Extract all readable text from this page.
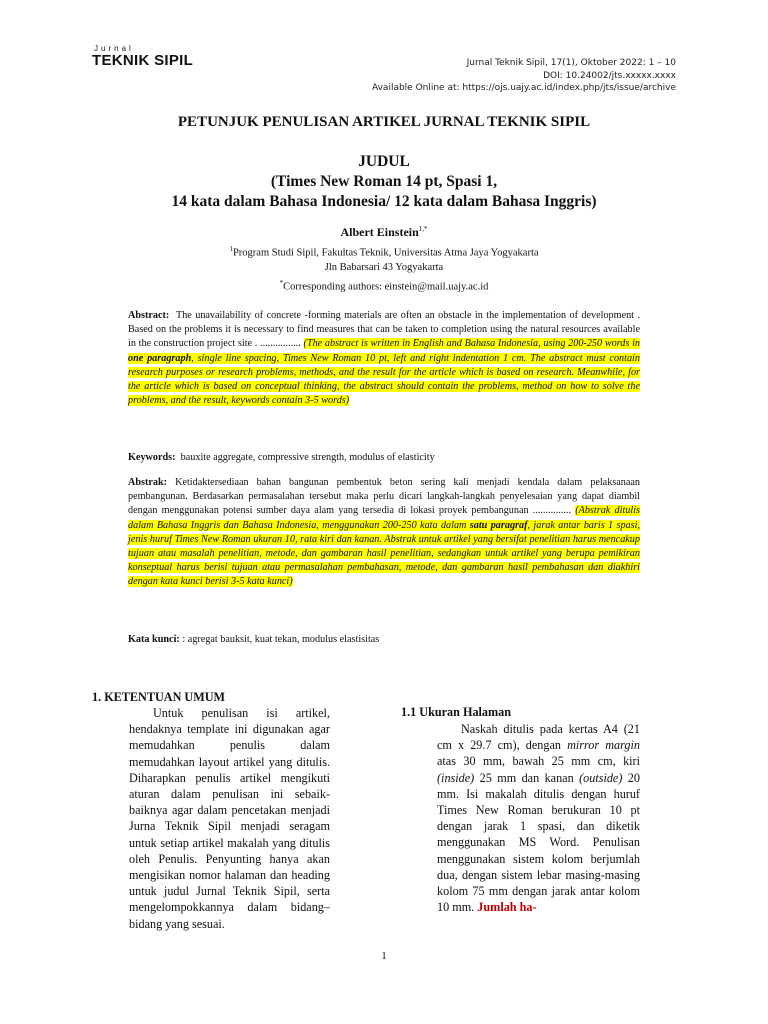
Jurnal
TEKNIK SIPIL	Jurnal Teknik Sipil, 17(1), Oktober 2022: 1 – 10
DOI: 10.24002/jts.xxxxx.xxxx
Available Online at: https://ojs.uajy.ac.id/index.php/jts/issue/archive
PETUNJUK PENULISAN ARTIKEL JURNAL TEKNIK SIPIL
JUDUL
(Times New Roman 14 pt, Spasi 1,
14 kata dalam Bahasa Indonesia/ 12 kata dalam Bahasa Inggris)
Albert Einstein$^{1,*}$
$^1$Program Studi Sipil, Fakultas Teknik, Universitas Atma Jaya Yogyakarta
Jln Babarsari 43 Yogyakarta
*Corresponding authors: einstein@mail.uajy.ac.id
Abstract: The unavailability of concrete -forming materials are often an obstacle in the implementation of development . Based on the problems it is necessary to find measures that can be taken to completion using the natural resources available in the construction project site . ................ (The abstract is written in English and Bahasa Indonesia, using 200-250 words in one paragraph, single line spacing, Times New Roman 10 pt, left and right indentation 1 cm. The abstract must contain research purposes or research problems, methods, and the result for the article which is based on research. Meanwhile, for the article which is based on conceptual thinking, the abstract should contain the problems, method on how to solve the problems, and the result, keywords contain 3-5 words)
Keywords: bauxite aggregate, compressive strength, modulus of elasticity
Abstrak: Ketidaktersediaan bahan bangunan pembentuk beton sering kali menjadi kendala dalam pelaksanaan pembangunan. Berdasarkan permasalahan tersebut maka perlu dicari langkah-langkah penyelesaian yang dapat diambil dengan menggunakan potensi sumber daya alam yang tersedia di lokasi proyek pembangunan ............... (Abstrak ditulis dalam Bahasa Inggris dan Bahasa Indonesia, menggunakan 200-250 kata dalam satu paragraf, jarak antar baris 1 spasi, jenis huruf Times New Roman ukuran 10, rata kiri dan kanan. Abstrak untuk artikel yang bersifat penelitian harus mencakup tujuan atau masalah penelitian, metode, dan gambaran hasil penelitian, sedangkan untuk artikel yang berupa pemikiran konseptual harus berisi tujuan atau permasalahan pembahasan, metode, dan gambaran hasil pembahasan dan diakhiri dengan kata kunci berisi 3-5 kata kunci)
Kata kunci: : agregat bauksit, kuat tekan, modulus elastisitas
1. KETENTUAN UMUM
Untuk penulisan isi artikel, hendaknya template ini digunakan agar memudahkan penulis dalam memudahkan layout artikel yang ditulis. Diharapkan penulis artikel mengikuti aturan dalam penulisan ini sebaik-baiknya agar dalam pencetakan menjadi Jurna Teknik Sipil menjadi seragam untuk setiap artikel makalah yang ditulis oleh Penulis. Penyunting hanya akan mengisikan nomor halaman dan heading untuk judul Jurnal Teknik Sipil, serta mengelompokkannya dalam bidang–bidang yang sesuai.
1.1 Ukuran Halaman
Naskah ditulis pada kertas A4 (21 cm x 29.7 cm), dengan mirror margin atas 30 mm, bawah 25 mm cm, kiri (inside) 25 mm dan kanan (outside) 20 mm. Isi makalah ditulis dengan huruf Times New Roman berukuran 10 pt dengan jarak 1 spasi, dan diketik menggunakan MS Word. Penulisan menggunakan sistem kolom berjumlah dua, dengan sistem lebar masing-masing kolom 75 mm dengan jarak antar kolom 10 mm. Jumlah ha-
1
